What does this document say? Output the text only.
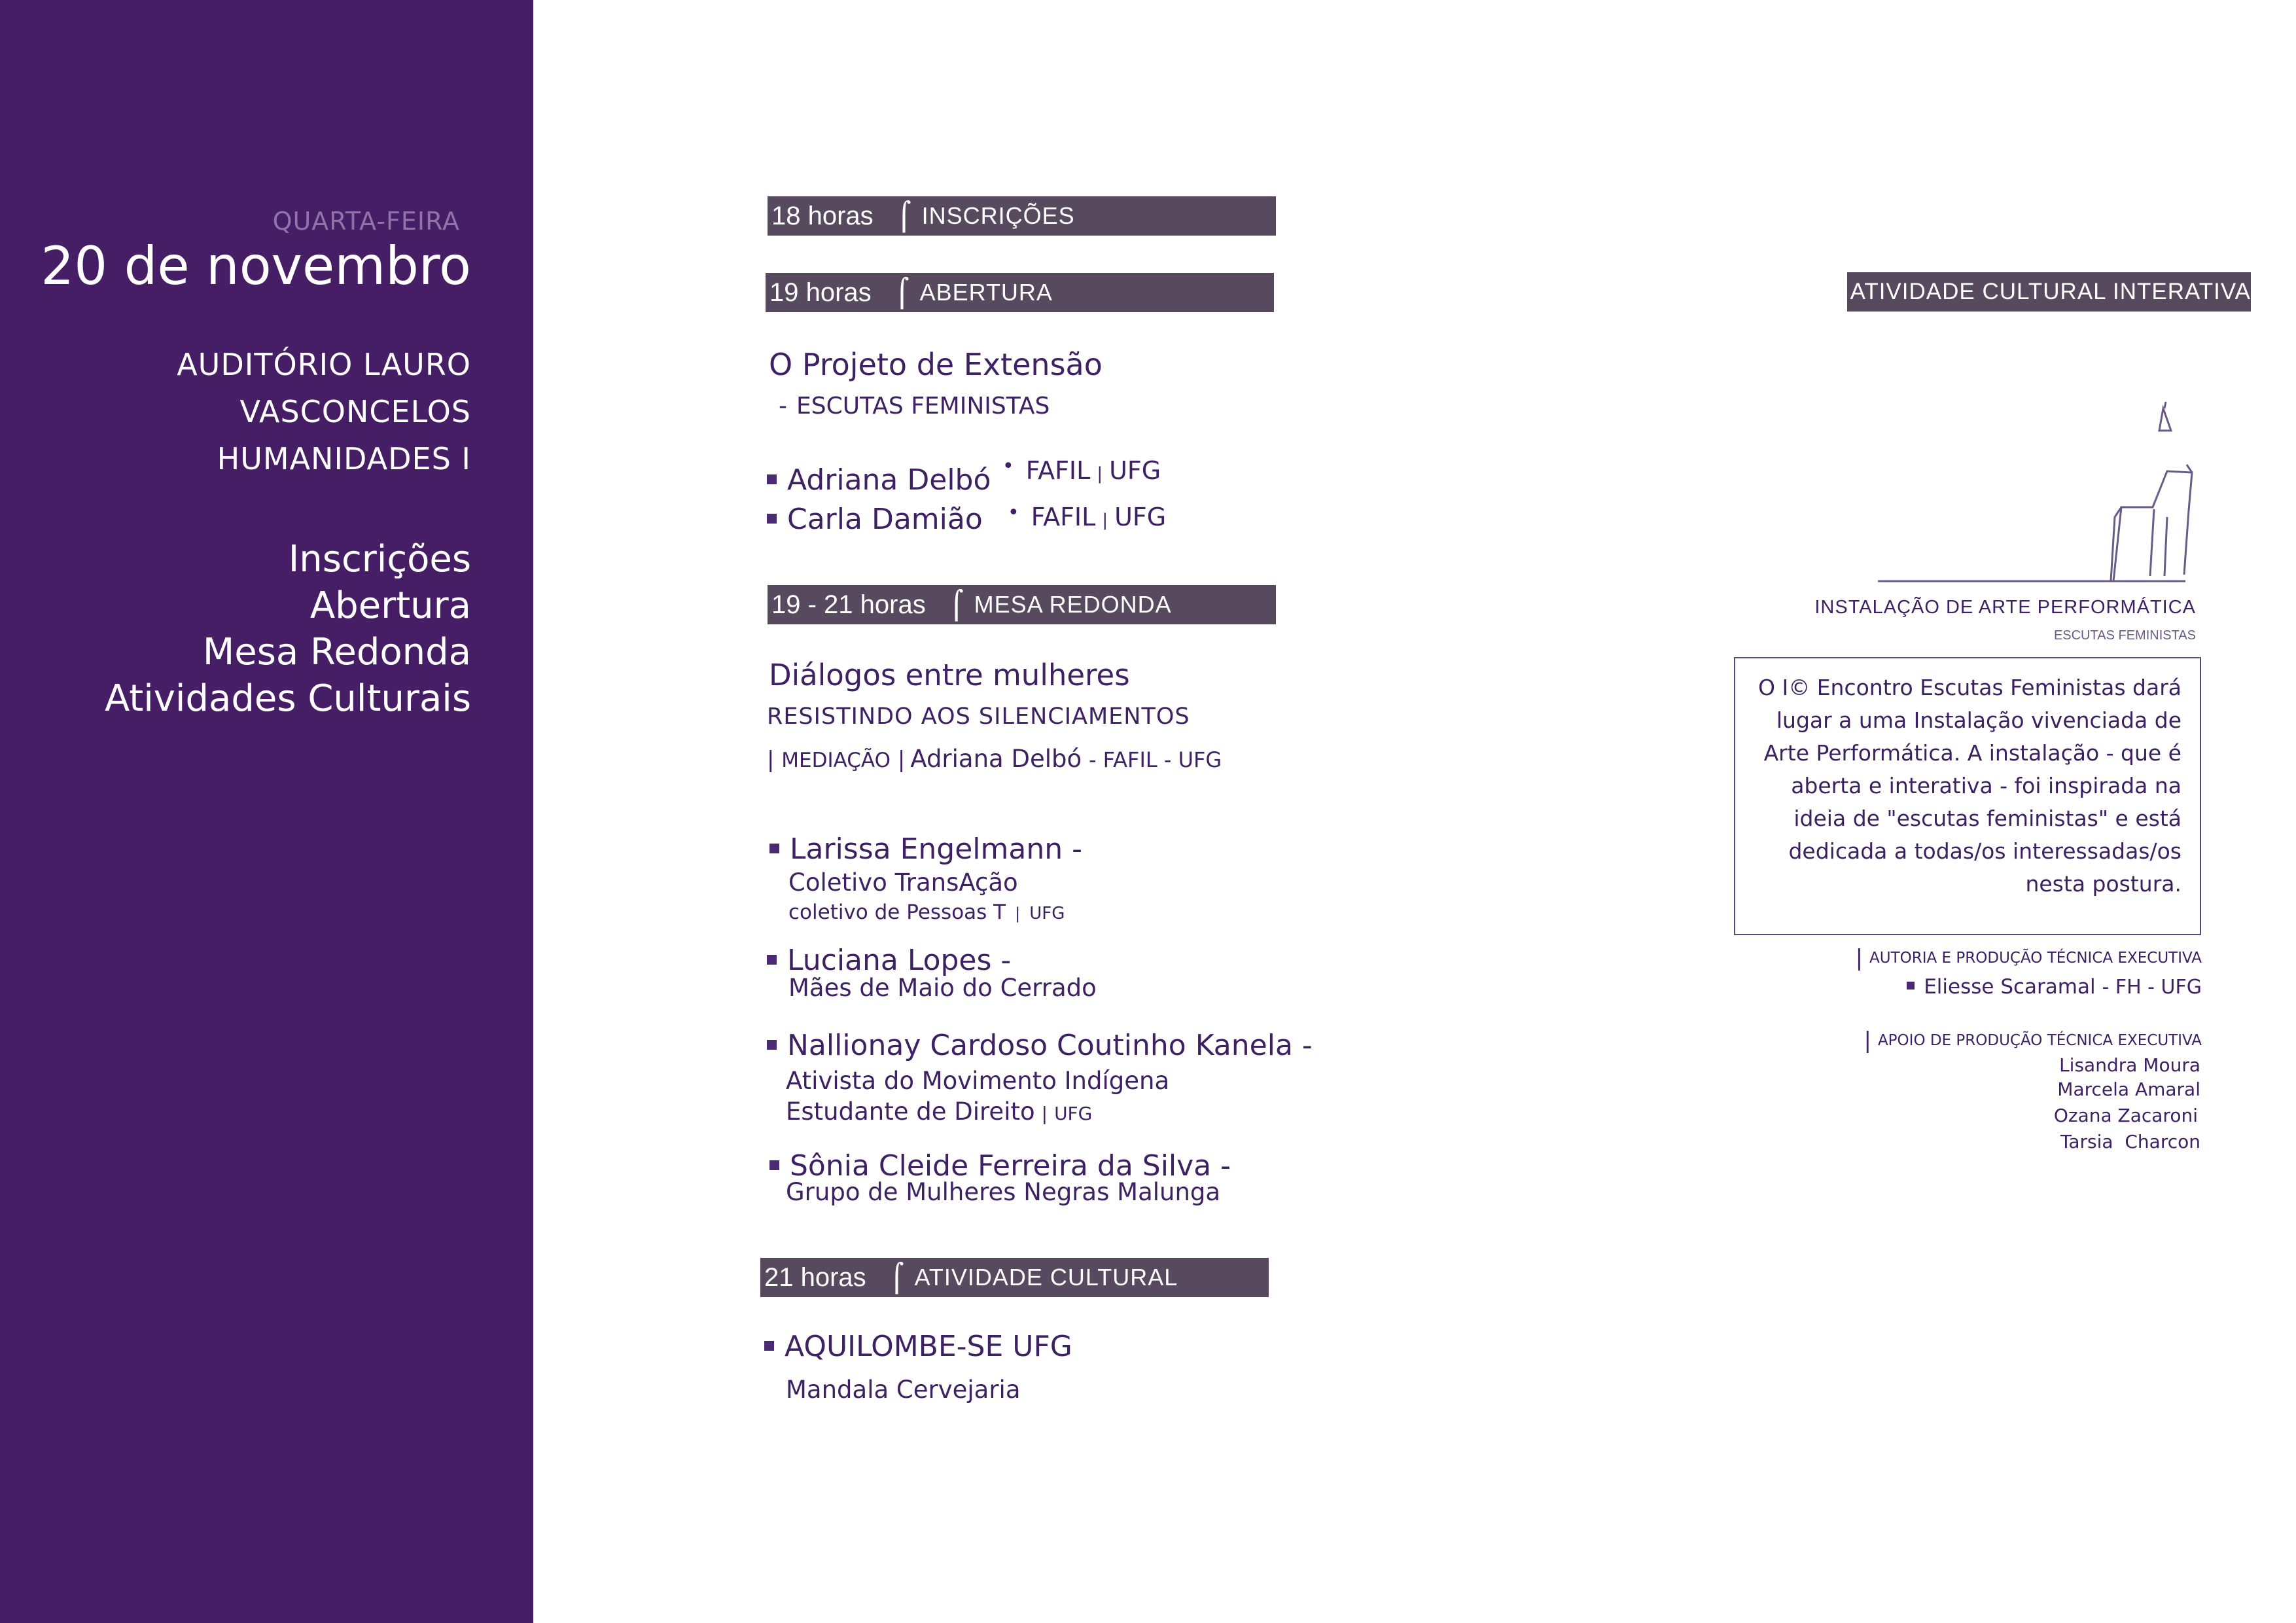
QUARTA-FEIRA
20 de novembro
AUDITÓRIO LAURO
VASCONCELOS
HUMANIDADES I
Inscrições
Abertura
Mesa Redonda
Atividades Culturais
18 horas ⌠ INSCRIÇÕES
19 horas ⌠ ABERTURA
O Projeto de Extensão
- ESCUTAS FEMINISTAS
Adriana Delbó • FAFIL | UFG
Carla Damião • FAFIL | UFG
19 - 21 horas ⌠ MESA REDONDA
Diálogos entre mulheres
RESISTINDO AOS SILENCIAMENTOS
| MEDIAÇÃO | Adriana Delbó - FAFIL - UFG
Larissa Engelmann -
Coletivo TransAção
coletivo de Pessoas T | UFG
Luciana Lopes -
Mães de Maio do Cerrado
Nallionay Cardoso Coutinho Kanela -
Ativista do Movimento Indígena
Estudante de Direito | UFG
Sônia Cleide Ferreira da Silva -
Grupo de Mulheres Negras Malunga
21 horas ⌠ ATIVIDADE CULTURAL
AQUILOMBE-SE UFG
Mandala Cervejaria
⌠ ATIVIDADE CULTURAL INTERATIVA
INSTALAÇÃO DE ARTE PERFORMÁTICA
ESCUTAS FEMINISTAS
O I© Encontro Escutas Feministas dará
lugar a uma Instalação vivenciada de
Arte Performática. A instalação - que é
aberta e interativa - foi inspirada na
ideia de "escutas feministas" e está
dedicada a todas/os interessadas/os
nesta postura.
| AUTORIA E PRODUÇÃO TÉCNICA EXECUTIVA
Eliesse Scaramal - FH - UFG
| APOIO DE PRODUÇÃO TÉCNICA EXECUTIVA
Lisandra Moura
Marcela Amaral
Ozana Zacaroni
Tarsia  Charcon
